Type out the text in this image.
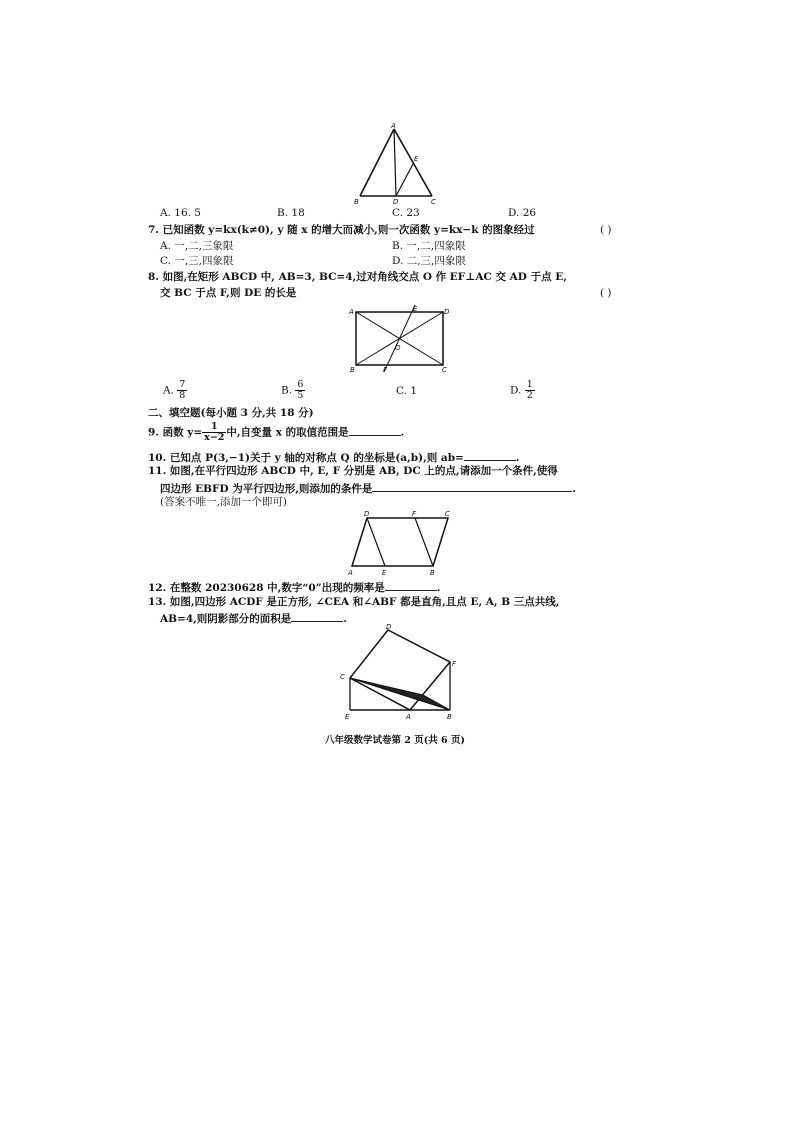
A
E
B	D	C
A. 16. 5	B. 18	C. 23	D. 26
7. 已知函数 y=kx(k≠0), y 随 x 的增大而减小,则一次函数 y=kx−k 的图象经过	( )
A. 一,二,三象限	B. 一,二,四象限
C. 一,三,四象限	D. 二,三,四象限
8. 如图,在矩形 ABCD 中, AB=3, BC=4,过对角线交点 O 作 EF⊥AC 交 AD 于点 E,
交 BC 于点 F,则 DE 的长是	( )
A	E	D
O
B	F	C
A. $\frac{7}{8}$	B. $\frac{6}{5}$	C. 1	D. $\frac{1}{2}$
二、填空题(每小题 3 分,共 18 分)
9. 函数 $y= \frac{1}{x-2}$ 中,自变量 x 的取值范围是	.
10. 已知点 P(3,−1)关于 y 轴的对称点 Q 的坐标是(a,b),则 ab=	.
11. 如图,在平行四边形 ABCD 中, E, F 分别是 AB, DC 上的点,请添加一个条件,使得
四边形 EBFD 为平行四边形,则添加的条件是	.
(答案不唯一,添加一个即可)
D	F	C
A	E	B
12. 在整数 20230628 中,数字“0”出现的频率是	.
13. 如图,四边形 ACDF 是正方形, ∠CEA 和∠ABF 都是直角,且点 E, A, B 三点共线,
AB=4,则阴影部分的面积是	.
D
C
F
E	A	B
八年级数学试卷第 2 页(共 6 页)
